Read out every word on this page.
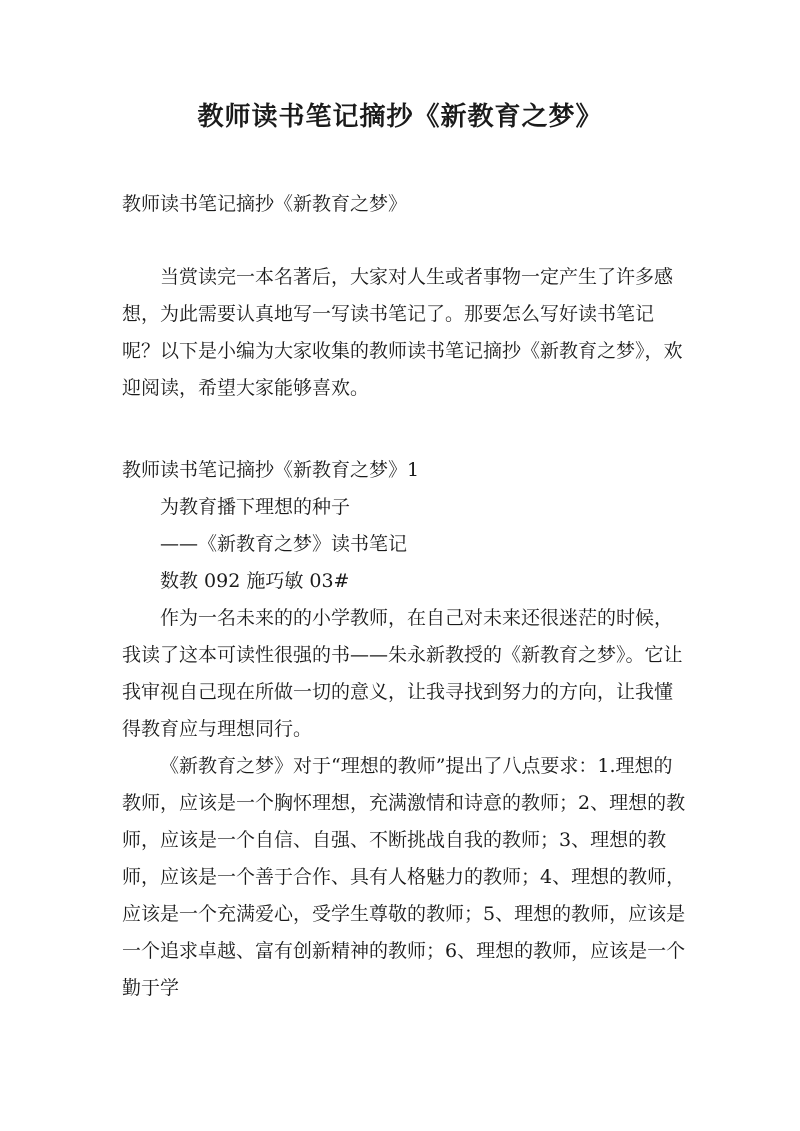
教师读书笔记摘抄《新教育之梦》

教师读书笔记摘抄《新教育之梦》

当赏读完一本名著后，大家对人生或者事物一定产生了许多感想，为此需要认真地写一写读书笔记了。那要怎么写好读书笔记呢？以下是小编为大家收集的教师读书笔记摘抄《新教育之梦》，欢迎阅读，希望大家能够喜欢。

教师读书笔记摘抄《新教育之梦》1

为教育播下理想的种子

——《新教育之梦》读书笔记

数教 092 施巧敏 03#

作为一名未来的的小学教师，在自己对未来还很迷茫的时候，我读了这本可读性很强的书——朱永新教授的《新教育之梦》。它让我审视自己现在所做一切的意义，让我寻找到努力的方向，让我懂得教育应与理想同行。

《新教育之梦》对于“理想的教师”提出了八点要求：1.理想的教师，应该是一个胸怀理想，充满激情和诗意的教师；2、理想的教师，应该是一个自信、自强、不断挑战自我的教师；3、理想的教师，应该是一个善于合作、具有人格魅力的教师；4、理想的教师，应该是一个充满爱心，受学生尊敬的教师；5、理想的教师，应该是一个追求卓越、富有创新精神的教师；6、理想的教师，应该是一个勤于学
